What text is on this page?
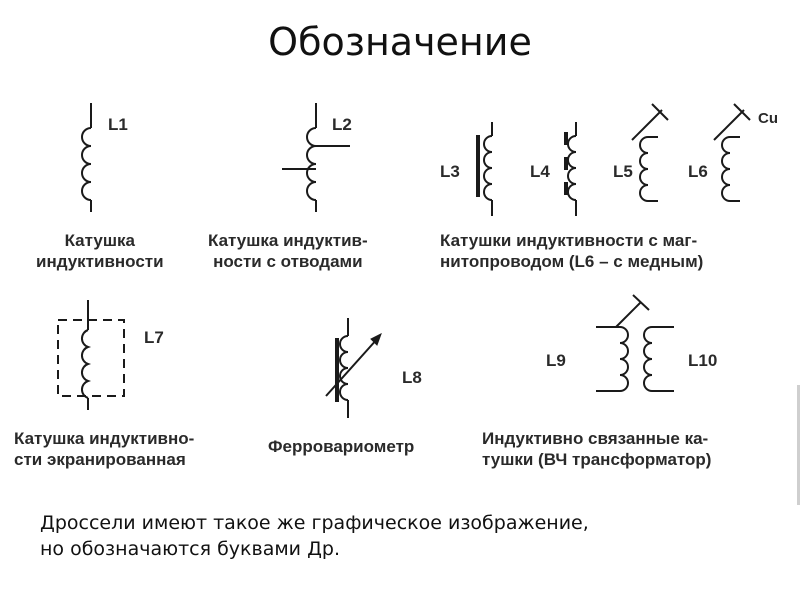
Обозначение
L1	L2
L3	L4	L5	L6
Cu
L7
L8
L9	L10
Катушка
индуктивности
Катушка индуктив-
ности с отводами
Катушки индуктивности с маг-
нитопроводом (L6 – с медным)
Катушка индуктивно-
сти экранированная
Ферровариометр	Индуктивно связанные ка-
тушки (ВЧ трансформатор)
Дроссели имеют такое же графическое изображение,
но обозначаются буквами Др.
